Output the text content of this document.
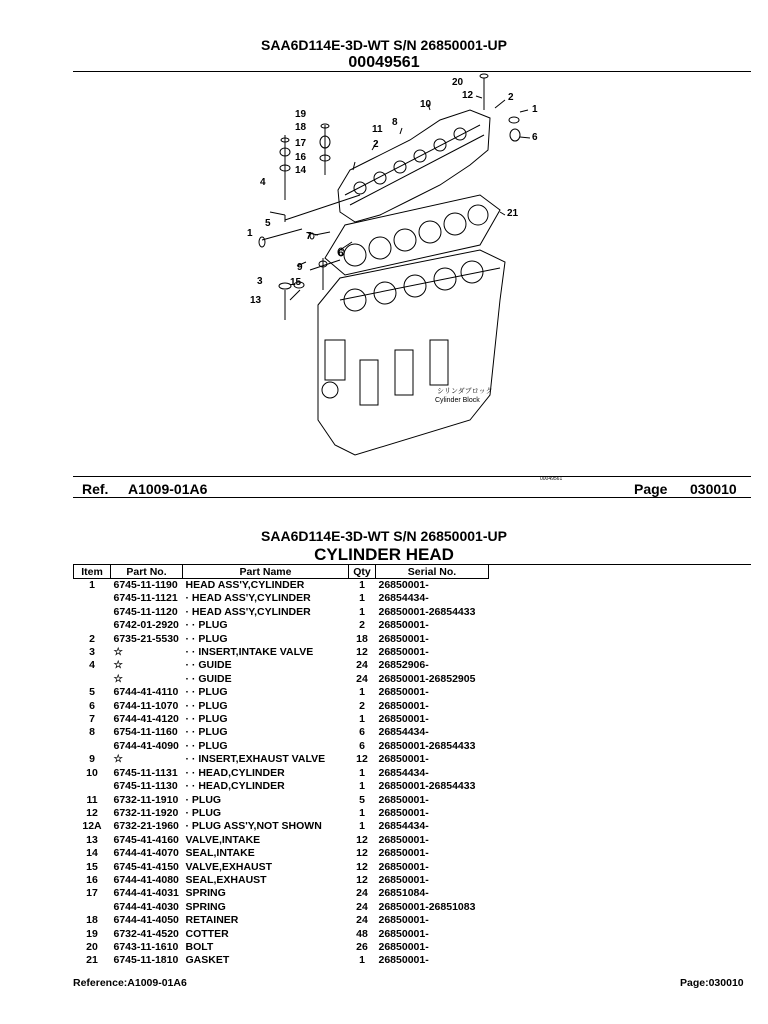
SAA6D114E-3D-WT S/N 26850001-UP
00049561
20
12	2
1
10
19
18	8
11
17	2
6
16
14
4
21
5
1	7
6
9
3	15
13
シリンダブロック
Cylinder Block
00049561
Ref. A1009-01A6	Page 030010
SAA6D114E-3D-WT S/N 26850001-UP
CYLINDER HEAD
Item	Part No.	Part Name	Qty	Serial No.
1	6745-11-1190	HEAD ASS'Y,CYLINDER	1	26850001-
	6745-11-1121	· HEAD ASS'Y,CYLINDER	1	26854434-
	6745-11-1120	· HEAD ASS'Y,CYLINDER	1	26850001-26854433
	6742-01-2920	· · PLUG	2	26850001-
2	6735-21-5530	· · PLUG	18	26850001-
3	☆	· · INSERT,INTAKE VALVE	12	26850001-
4	☆	· · GUIDE	24	26852906-
	☆	· · GUIDE	24	26850001-26852905
5	6744-41-4110	· · PLUG	1	26850001-
6	6744-11-1070	· · PLUG	2	26850001-
7	6744-41-4120	· · PLUG	1	26850001-
8	6754-11-1160	· · PLUG	6	26854434-
	6744-41-4090	· · PLUG	6	26850001-26854433
9	☆	· · INSERT,EXHAUST VALVE	12	26850001-
10	6745-11-1131	· · HEAD,CYLINDER	1	26854434-
	6745-11-1130	· · HEAD,CYLINDER	1	26850001-26854433
11	6732-11-1910	· PLUG	5	26850001-
12	6732-11-1920	· PLUG	1	26850001-
12A	6732-21-1960	· PLUG ASS'Y,NOT SHOWN	1	26854434-
13	6745-41-4160	VALVE,INTAKE	12	26850001-
14	6744-41-4070	SEAL,INTAKE	12	26850001-
15	6745-41-4150	VALVE,EXHAUST	12	26850001-
16	6744-41-4080	SEAL,EXHAUST	12	26850001-
17	6744-41-4031	SPRING	24	26851084-
	6744-41-4030	SPRING	24	26850001-26851083
18	6744-41-4050	RETAINER	24	26850001-
19	6732-41-4520	COTTER	48	26850001-
20	6743-11-1610	BOLT	26	26850001-
21	6745-11-1810	GASKET	1	26850001-
Reference:A1009-01A6	Page:030010
